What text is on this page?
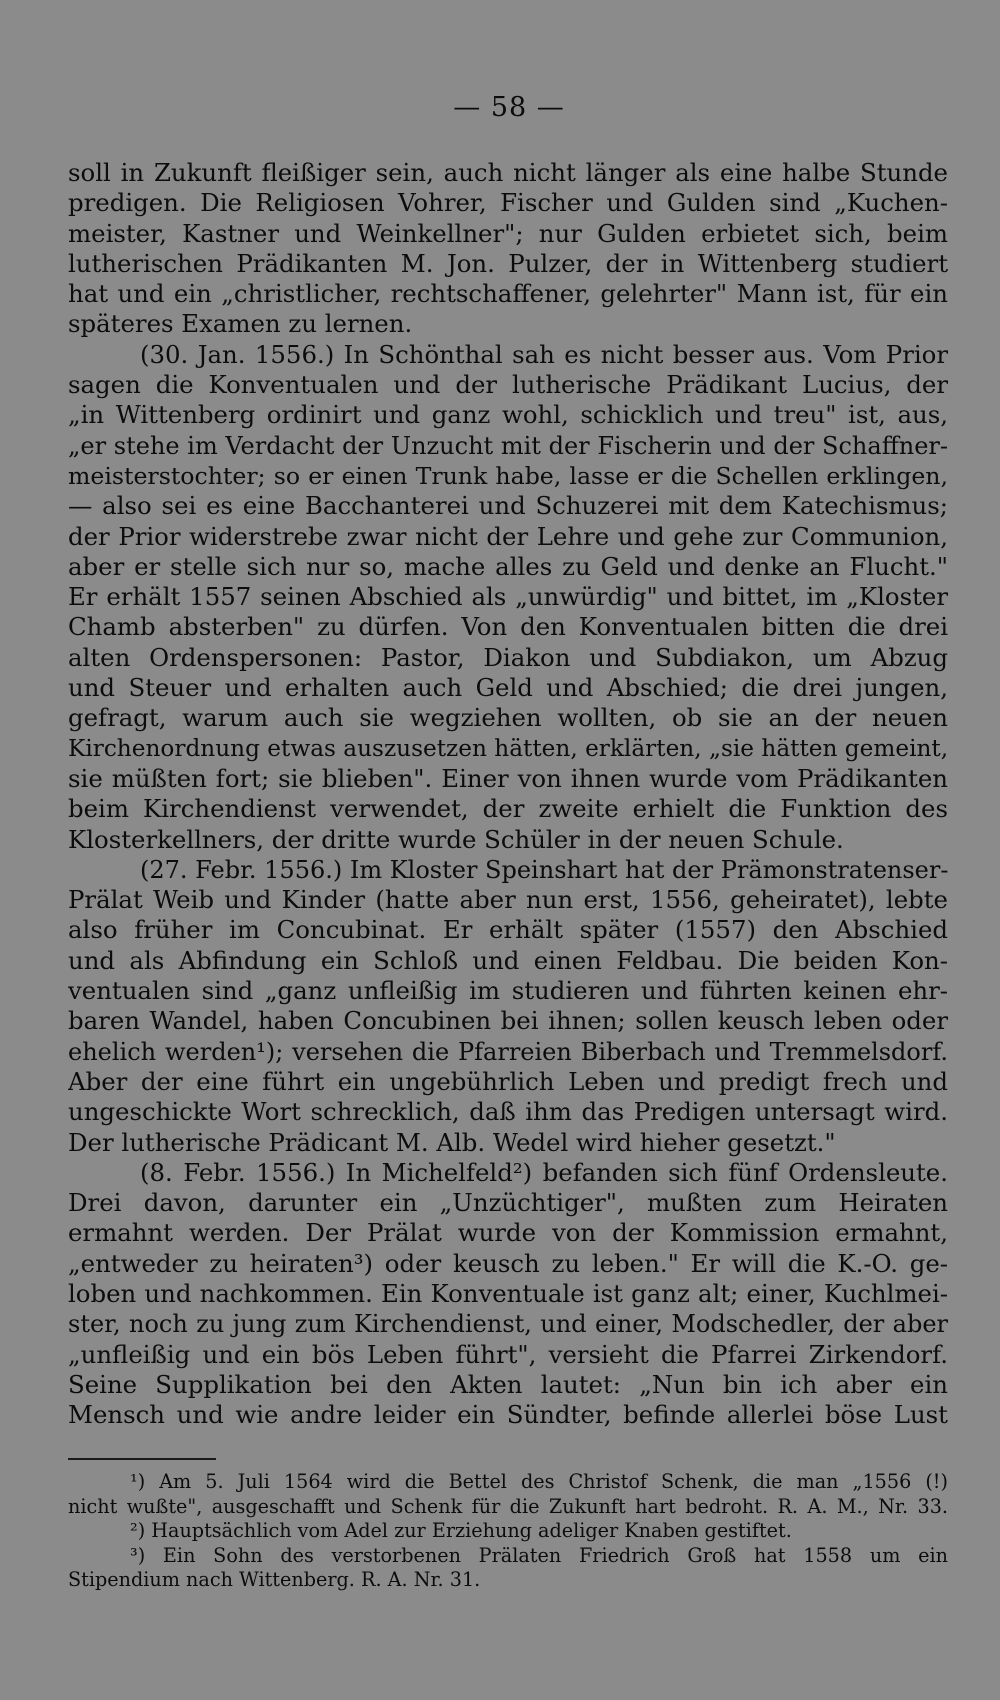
— 58 —
soll in Zukunft fleißiger sein, auch nicht länger als eine halbe Stunde
predigen. Die Religiosen Vohrer, Fischer und Gulden sind „Kuchen-
meister, Kastner und Weinkellner"; nur Gulden erbietet sich, beim
lutherischen Prädikanten M. Jon. Pulzer, der in Wittenberg studiert
hat und ein „christlicher, rechtschaffener, gelehrter" Mann ist, für ein
späteres Examen zu lernen.
(30. Jan. 1556.) In Schönthal sah es nicht besser aus. Vom Prior
sagen die Konventualen und der lutherische Prädikant Lucius, der
„in Wittenberg ordinirt und ganz wohl, schicklich und treu" ist, aus,
„er stehe im Verdacht der Unzucht mit der Fischerin und der Schaffner-
meisterstochter; so er einen Trunk habe, lasse er die Schellen erklingen,
— also sei es eine Bacchanterei und Schuzerei mit dem Katechismus;
der Prior widerstrebe zwar nicht der Lehre und gehe zur Communion,
aber er stelle sich nur so, mache alles zu Geld und denke an Flucht."
Er erhält 1557 seinen Abschied als „unwürdig" und bittet, im „Kloster
Chamb absterben" zu dürfen. Von den Konventualen bitten die drei
alten Ordenspersonen: Pastor, Diakon und Subdiakon, um Abzug
und Steuer und erhalten auch Geld und Abschied; die drei jungen,
gefragt, warum auch sie wegziehen wollten, ob sie an der neuen
Kirchenordnung etwas auszusetzen hätten, erklärten, „sie hätten gemeint,
sie müßten fort; sie blieben". Einer von ihnen wurde vom Prädikanten
beim Kirchendienst verwendet, der zweite erhielt die Funktion des
Klosterkellners, der dritte wurde Schüler in der neuen Schule.
(27. Febr. 1556.) Im Kloster Speinshart hat der Prämonstratenser-
Prälat Weib und Kinder (hatte aber nun erst, 1556, geheiratet), lebte
also früher im Concubinat. Er erhält später (1557) den Abschied
und als Abfindung ein Schloß und einen Feldbau. Die beiden Kon-
ventualen sind „ganz unfleißig im studieren und führten keinen ehr-
baren Wandel, haben Concubinen bei ihnen; sollen keusch leben oder
ehelich werden¹); versehen die Pfarreien Biberbach und Tremmelsdorf.
Aber der eine führt ein ungebührlich Leben und predigt frech und
ungeschickte Wort schrecklich, daß ihm das Predigen untersagt wird.
Der lutherische Prädicant M. Alb. Wedel wird hieher gesetzt."
(8. Febr. 1556.) In Michelfeld²) befanden sich fünf Ordensleute.
Drei davon, darunter ein „Unzüchtiger", mußten zum Heiraten
ermahnt werden. Der Prälat wurde von der Kommission ermahnt,
„entweder zu heiraten³) oder keusch zu leben." Er will die K.-O. ge-
loben und nachkommen. Ein Konventuale ist ganz alt; einer, Kuchlmei-
ster, noch zu jung zum Kirchendienst, und einer, Modschedler, der aber
„unfleißig und ein bös Leben führt", versieht die Pfarrei Zirkendorf.
Seine Supplikation bei den Akten lautet: „Nun bin ich aber ein
Mensch und wie andre leider ein Sündter, befinde allerlei böse Lust
¹) Am 5. Juli 1564 wird die Bettel des Christof Schenk, die man „1556 (!)
nicht wußte", ausgeschafft und Schenk für die Zukunft hart bedroht. R. A. M., Nr. 33.
²) Hauptsächlich vom Adel zur Erziehung adeliger Knaben gestiftet.
³) Ein Sohn des verstorbenen Prälaten Friedrich Groß hat 1558 um ein
Stipendium nach Wittenberg. R. A. Nr. 31.
